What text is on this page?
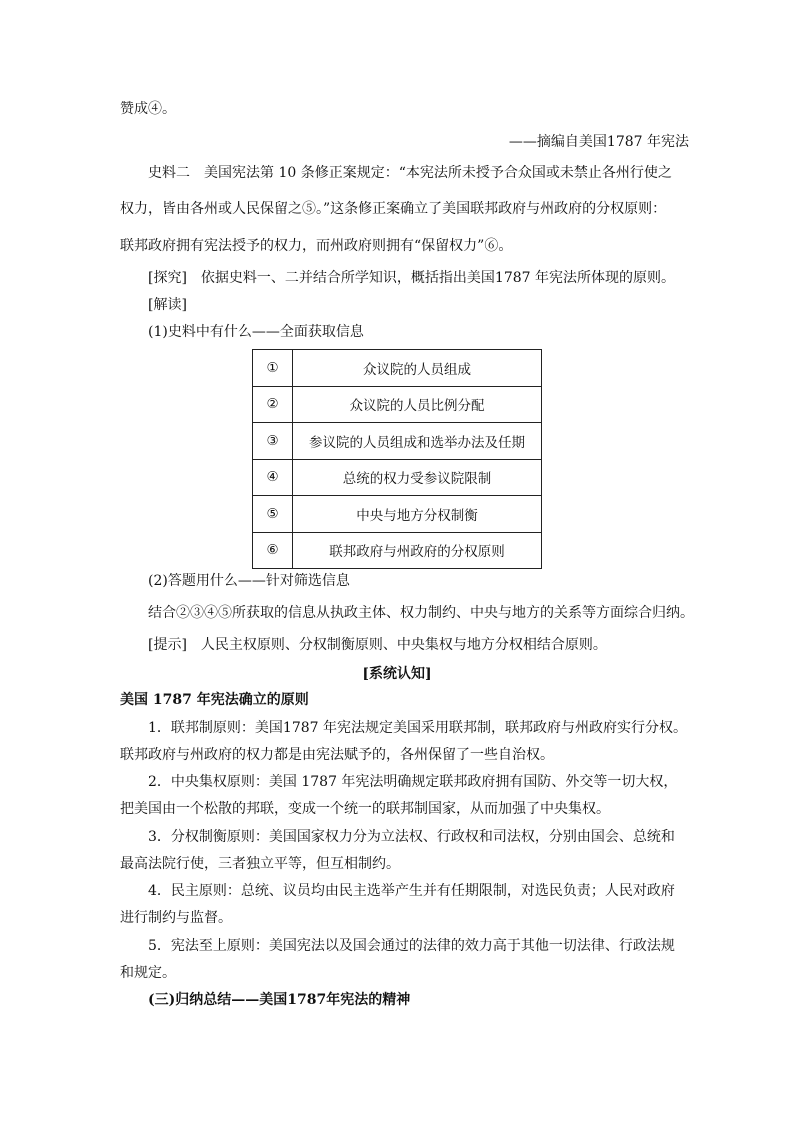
赞成④。
——摘编自美国1787 年宪法
史料二　美国宪法第 10 条修正案规定：“本宪法所未授予合众国或未禁止各州行使之
权力，皆由各州或人民保留之⑤。”这条修正案确立了美国联邦政府与州政府的分权原则：
联邦政府拥有宪法授予的权力，而州政府则拥有“保留权力”⑥。
[探究]　依据史料一、二并结合所学知识，概括指出美国1787 年宪法所体现的原则。
[解读]
(1)史料中有什么——全面获取信息
①	众议院的人员组成
②	众议院的人员比例分配
③	参议院的人员组成和选举办法及任期
④	总统的权力受参议院限制
⑤	中央与地方分权制衡
⑥	联邦政府与州政府的分权原则
(2)答题用什么——针对筛选信息
结合②③④⑤所获取的信息从执政主体、权力制约、中央与地方的关系等方面综合归纳。
[提示]　人民主权原则、分权制衡原则、中央集权与地方分权相结合原则。
[系统认知]
美国 1787 年宪法确立的原则
1．联邦制原则：美国1787 年宪法规定美国采用联邦制，联邦政府与州政府实行分权。
联邦政府与州政府的权力都是由宪法赋予的，各州保留了一些自治权。
2．中央集权原则：美国 1787 年宪法明确规定联邦政府拥有国防、外交等一切大权，
把美国由一个松散的邦联，变成一个统一的联邦制国家，从而加强了中央集权。
3．分权制衡原则：美国国家权力分为立法权、行政权和司法权，分别由国会、总统和
最高法院行使，三者独立平等，但互相制约。
4．民主原则：总统、议员均由民主选举产生并有任期限制，对选民负责；人民对政府
进行制约与监督。
5．宪法至上原则：美国宪法以及国会通过的法律的效力高于其他一切法律、行政法规
和规定。
(三)归纳总结——美国1787年宪法的精神
